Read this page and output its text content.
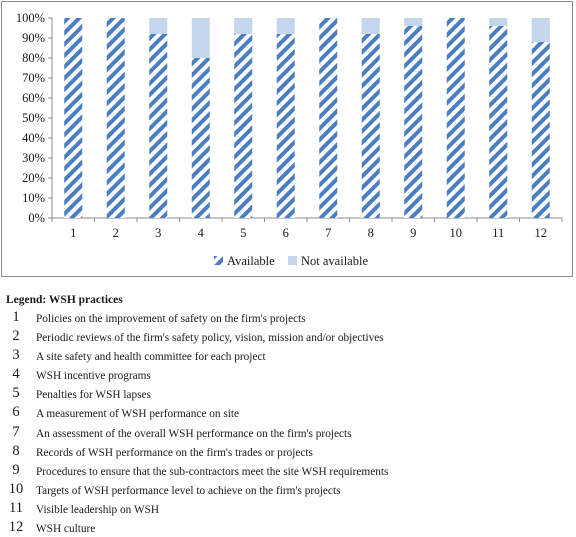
0%
10%
20%
30%
40%
50%
60%
70%
80%
90%
100%
1	2	3	4	5	6	7	8	9	10 11 12
Available Not available
Legend: WSH practices
1	Policies on the improvement of safety on the firm's projects
2	Periodic reviews of the firm's safety policy, vision, mission and/or objectives
3	A site safety and health committee for each project
4	WSH incentive programs
5	Penalties for WSH lapses
6	A measurement of WSH performance on site
7	An assessment of the overall WSH performance on the firm's projects
8	Records of WSH performance on the firm's trades or projects
9	Procedures to ensure that the sub-contractors meet the site WSH requirements
10 Targets of WSH performance level to achieve on the firm's projects
11 Visible leadership on WSH
12 WSH culture
